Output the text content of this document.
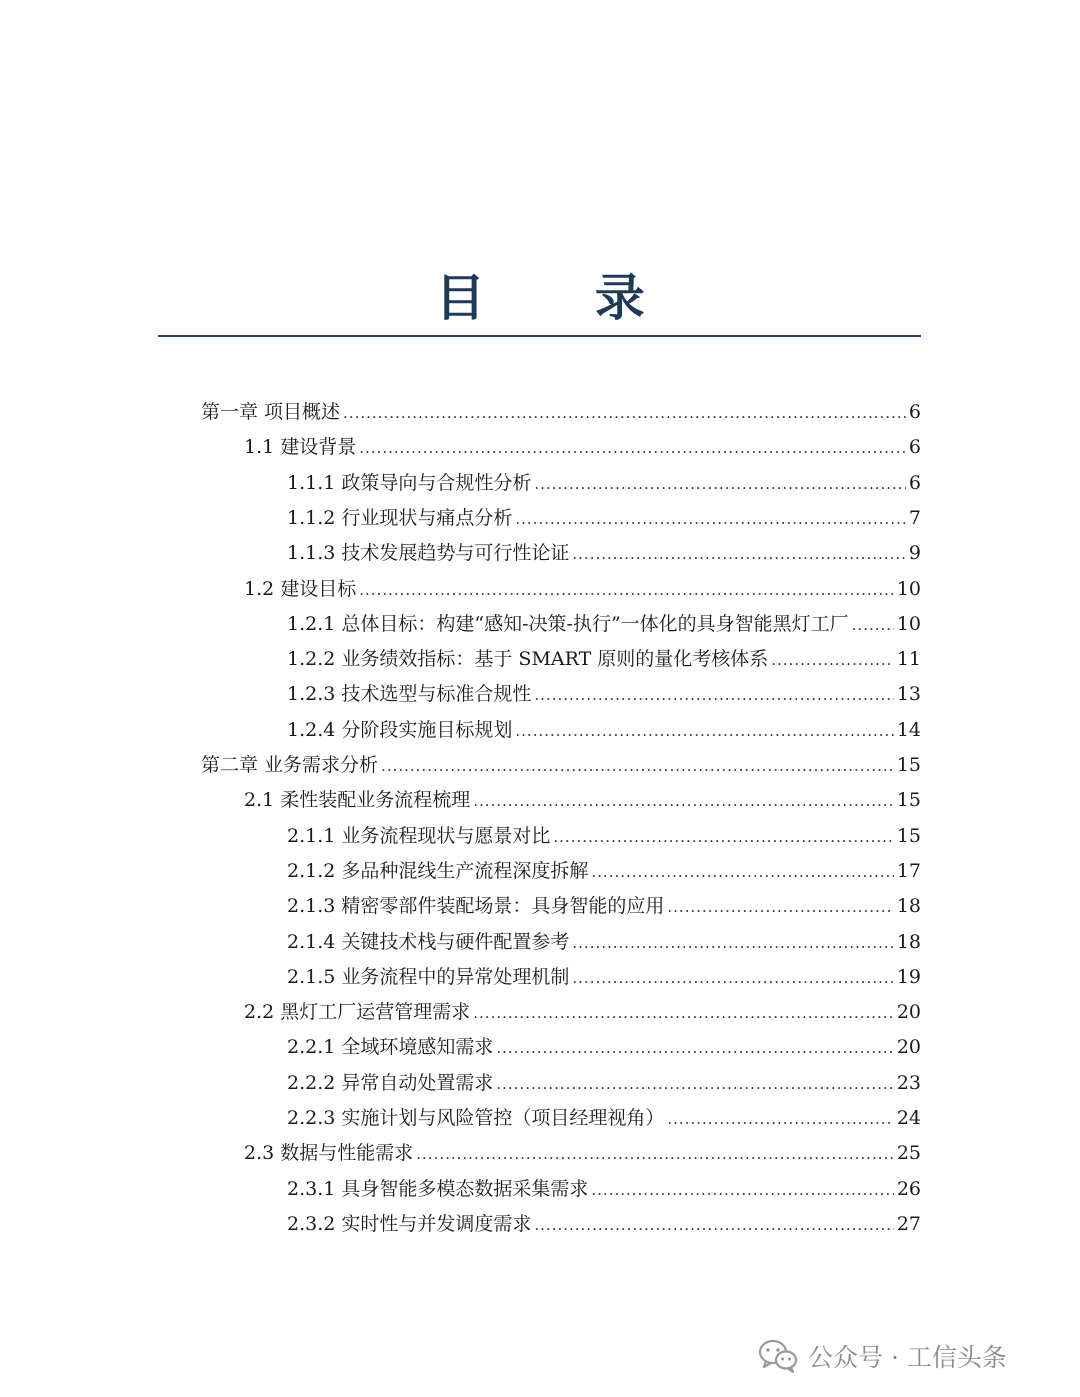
目 录
第一章 项目概述 .....	6
1.1 建设背景 .....	6
1.1.1 政策导向与合规性分析 .....	6
1.1.2 行业现状与痛点分析 .....	7
1.1.3 技术发展趋势与可行性论证 .....	9
1.2 建设目标 .....	10
1.2.1 总体目标：构建“感知-决策-执行”一体化的具身智能黑灯工厂 .....	10
1.2.2 业务绩效指标：基于 SMART 原则的量化考核体系 .....	11
1.2.3 技术选型与标准合规性 .....	13
1.2.4 分阶段实施目标规划 .....	14
第二章 业务需求分析 .....	15
2.1 柔性装配业务流程梳理 .....	15
2.1.1 业务流程现状与愿景对比 .....	15
2.1.2 多品种混线生产流程深度拆解 .....	17
2.1.3 精密零部件装配场景：具身智能的应用 .....	18
2.1.4 关键技术栈与硬件配置参考 .....	18
2.1.5 业务流程中的异常处理机制 .....	19
2.2 黑灯工厂运营管理需求 .....	20
2.2.1 全域环境感知需求 .....	20
2.2.2 异常自动处置需求 .....	23
2.2.3 实施计划与风险管控（项目经理视角） .....	24
2.3 数据与性能需求 .....	25
2.3.1 具身智能多模态数据采集需求 .....	26
2.3.2 实时性与并发调度需求 .....	27
公众号 · 工信头条
